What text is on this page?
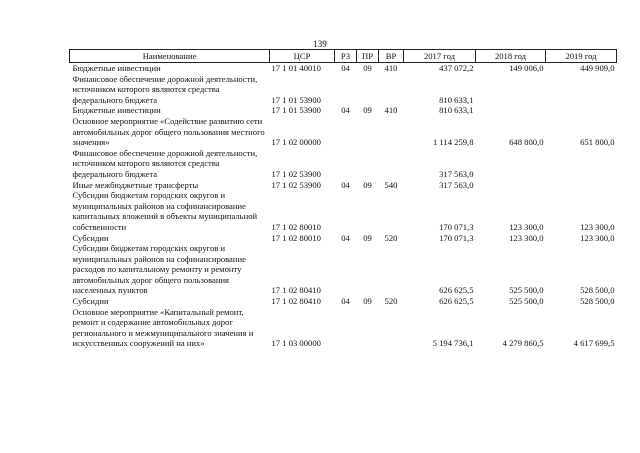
139
Наименование	ЦСР	РЗ	ПР	ВР	2017 год	2018 год	2019 год
Бюджетные инвестиции	17 1 01 40010	04	09	410	437 072,2	149 006,0	449 909,0
Финансовое обеспечение дорожной деятельности, источником которого являются средства федерального бюджета	17 1 01 53900				810 633,1		
Бюджетные инвестиции	17 1 01 53900	04	09	410	810 633,1		
Основное мероприятие «Содействие развитию сети автомобильных дорог общего пользования местного значения»	17 1 02 00000				1 114 259,8	648 800,0	651 800,0
Финансовое обеспечение дорожной деятельности, источником которого являются средства федерального бюджета	17 1 02 53900				317 563,0		
Иные межбюджетные трансферты	17 1 02 53900	04	09	540	317 563,0		
Субсидии бюджетам городских округов и муниципальных районов на софинансирование капитальных вложений в объекты муниципальной собственности	17 1 02 80010				170 071,3	123 300,0	123 300,0
Субсидии	17 1 02 80010	04	09	520	170 071,3	123 300,0	123 300,0
Субсидии бюджетам городских округов и муниципальных районов на софинансирование расходов по капитальному ремонту и ремонту автомобильных дорог общего пользования населенных пунктов	17 1 02 80410				626 625,5	525 500,0	528 500,0
Субсидии	17 1 02 80410	04	09	520	626 625,5	525 500,0	528 500,0
Основное мероприятие «Капитальный ремонт, ремонт и содержание автомобильных дорог регионального и межмуниципального значения и искусственных сооружений на них»	17 1 03 00000				5 194 736,1	4 279 860,5	4 617 699,5
